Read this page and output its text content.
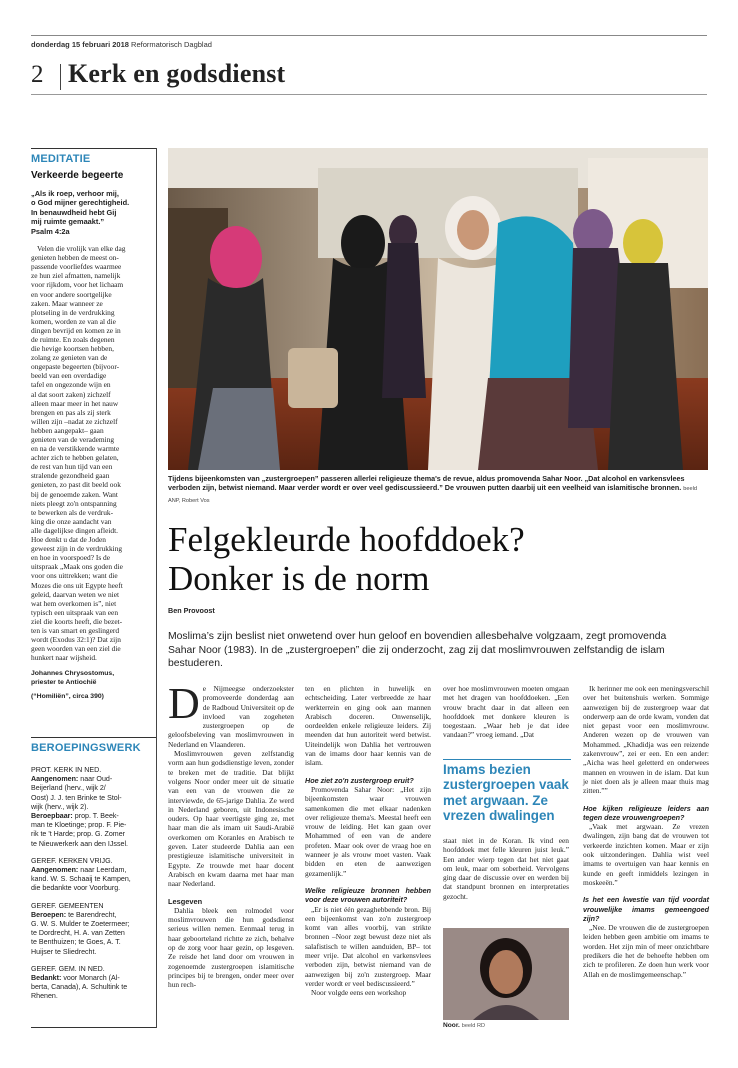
donderdag 15 februari 2018 Reformatorisch Dagblad
2 Kerk en godsdienst
MEDITATIE
Verkeerde begeerte
„Als ik roep, verhoor mij,
o God mijner gerechtigheid.
In benauwdheid hebt Gij
mij ruimte gemaakt.”
Psalm 4:2a
Velen die vrolijk van elke dag
genieten hebben de meest on-
passende voorliefdes waarmee
ze hun ziel afmatten, namelijk
voor rijkdom, voor het lichaam
en voor andere soortgelijke
zaken. Maar wanneer ze
plotseling in de verdrukking
komen, worden ze van al die
dingen bevrijd en komen ze in
de ruimte. En zoals degenen
die hevige koortsen hebben,
zolang ze genieten van de
ongepaste begeerten (bijvoor-
beeld van een overdadige
tafel en ongezonde wijn en
al dat soort zaken) zichzelf
alleen maar meer in het nauw
brengen en pas als zij sterk
willen zijn –nadat ze zichzelf
hebben aangepakt– gaan
genieten van de verademing
en na de verstikkende warmte
achter zich te hebben gelaten,
de rest van hun tijd van een
stralende gezondheid gaan
genieten, zo past dit beeld ook
bij de genoemde zaken. Want
niets pleegt zo'n ontspanning
te bewerken als de verdruk-
king die onze aandacht van
alle dagelijkse dingen afleidt.
Hoe denkt u dat de Joden
geweest zijn in de verdrukking
en hoe in voorspoed? Is de
uitspraak „Maak ons goden die
voor ons uittrekken; want die
Mozes die ons uit Egypte heeft
geleid, daarvan weten we niet
wat hem overkomen is”, niet
typisch een uitspraak van een
ziel die koorts heeft, die bezet-
ten is van smart en geslingerd
wordt (Exodus 32:1)? Dat zijn
geen woorden van een ziel die
hunkert naar wijsheid.
Johannes Chrysostomus,
priester te Antiochië
(“Homiliën”, circa 390)
BEROEPINGSWERK
PROT. KERK IN NED.
Aangenomen: naar Oud-
Beijerland (herv., wijk 2/
Oost) J. J. ten Brinke te Stol-
wijk (herv., wijk 2).
Beroepbaar: prop. T. Beek-
man te Kloetinge; prop. F. Pie-
rik te 't Harde; prop. G. Zomer
te Nieuwerkerk aan den IJssel.
GEREF. KERKEN VRIJG.
Aangenomen: naar Leerdam,
kand. W. S. Schaaij te Kampen,
die bedankte voor Voorburg.
GEREF. GEMEENTEN
Beroepen: te Barendrecht,
G. W. S. Mulder te Zoetermeer;
te Dordrecht, H. A. van Zetten
te Benthuizen; te Goes, A. T.
Huijser te Sliedrecht.
GEREF. GEM. IN NED.
Bedankt: voor Monarch (Al-
berta, Canada), A. Schultink te
Rhenen.
Tijdens bijeenkomsten van „zustergroepen” passeren allerlei religieuze thema's de revue, aldus promovenda Sahar Noor. „Dat alcohol en varkensvlees verboden zijn, betwist niemand. Maar verder wordt er over veel gediscussieerd.” De vrouwen putten daarbij uit een veelheid van islamitische bronnen. beeld ANP, Robert Vos
Felgekleurde hoofddoek?
Donker is de norm
Ben Provoost
Moslima’s zijn beslist niet onwetend over hun geloof en bovendien allesbehalve volgzaam, zegt promovenda Sahar Noor (1983). In de „zustergroepen” die zij onderzocht, zag zij dat moslimvrouwen zelfstandig de islam bestuderen.
D e Nijmeegse onderzoekster promoveerde donderdag aan de Radboud Universiteit op de invloed van zogeheten zustergroepen op de geloofsbeleving van moslimvrouwen in Nederland en Vlaanderen.

Moslimvrouwen geven zelfstandig vorm aan hun godsdienstige leven, zonder te breken met de traditie. Dat blijkt volgens Noor onder meer uit de situatie van een van de vrouwen die ze interviewde, de 65-jarige Dahlia. Ze werd in Nederland geboren, uit Indonesische ouders. Op haar veertigste ging ze, met haar man die als imam uit Saudi-Arabië overkomen om Koranles en Arabisch te geven. Later studeerde Dahlia aan een prestigieuze islamitische universiteit in Egypte. Ze trouwde met haar docent Arabisch en kwam daarna met haar man naar Nederland.

Lesgeven

Dahlia bleek een rolmodel voor moslimvrouwen die hun godsdienst serieus willen nemen. Eenmaal terug in haar geboorteland richtte ze zich, behalve op de zorg voor haar gezin, op lesgeven. Ze reisde het land door om vrouwen in zogenoemde zustergroepen islamitische principes bij te brengen, onder meer over hun rech-

ten en plichten in huwelijk en echtscheiding. Later verbreedde ze haar werkterrein en ging ook aan mannen Arabisch doceren. Onwenselijk, oordeelden enkele religieuze leiders. Zij meenden dat hun autoriteit werd betwist. Uiteindelijk won Dahlia het vertrouwen van de imams door haar kennis van de islam.

Hoe ziet zo'n zustergroep eruit?

Promovenda Sahar Noor: „Het zijn bijeenkomsten waar vrouwen samenkomen die met elkaar nadenken over religieuze thema's. Meestal heeft een vrouw de leiding. Het kan gaan over Mohammed of een van de andere profeten. Maar ook over de vraag hoe en wanneer je als vrouw moet vasten. Vaak bidden en eten de aanwezigen gezamenlijk.”

Welke religieuze bronnen hebben voor deze vrouwen autoriteit?

„Er is niet één gezaghebbende bron. Bij een bijeenkomst van zo'n zustergroep komt van alles voorbij, van strikte bronnen –Noor zegt bewust deze niet als salafistisch te willen aanduiden, BP– tot meer vrije. Dat alcohol en varkensvlees verboden zijn, betwist niemand van de aanwezigen bij zo'n zustergroep. Maar verder wordt er veel bediscussieerd.”

Noor volgde eens een workshop

over hoe moslimvrouwen moeten omgaan met het dragen van hoofddoeken. „Een vrouw bracht daar in dat alleen een hoofddoek met donkere kleuren is toegestaan. „Waar heb je dat idee vandaan?” vroeg iemand. „Dat

Imams bezien zustergroepen vaak met argwaan. Ze vrezen dwalingen

staat niet in de Koran. Ik vind een hoofddoek met felle kleuren juist leuk.” Een ander wierp tegen dat het niet gaat om leuk, maar om soberheid. Vervolgens ging daar de discussie over en werden bij dat standpunt bronnen en interpretaties gezocht.

Noor. beeld RD

Ik herinner me ook een meningsverschil over het buitenshuis werken. Sommige aanwezigen bij de zustergroep waar dat onderwerp aan de orde kwam, vonden dat niet gepast voor een moslimvrouw. Anderen wezen op de vrouwen van Mohammed. „Khadidja was een reizende zakenvrouw”, zei er een. En een ander: „Aicha was heel geletterd en onderwees mannen en vrouwen in de islam. Dat kun je niet doen als je alleen maar thuis mag zitten.””

Hoe kijken religieuze leiders aan tegen deze vrouwengroepen?

„Vaak met argwaan. Ze vrezen dwalingen, zijn bang dat de vrouwen tot verkeerde inzichten komen. Maar er zijn ook uitzonderingen. Dahlia wist veel imams te overtuigen van haar kennis en kunde en geeft inmiddels lezingen in moskeeën.”

Is het een kwestie van tijd voordat vrouwelijke imams gemeengoed zijn?

„Nee. De vrouwen die de zustergroepen leiden hebben geen ambitie om imams te worden. Het zijn min of meer onzichtbare predikers die het de behoefte hebben om zich te profileren. Ze doen hun werk voor Allah en de moslimgemeenschap.”
